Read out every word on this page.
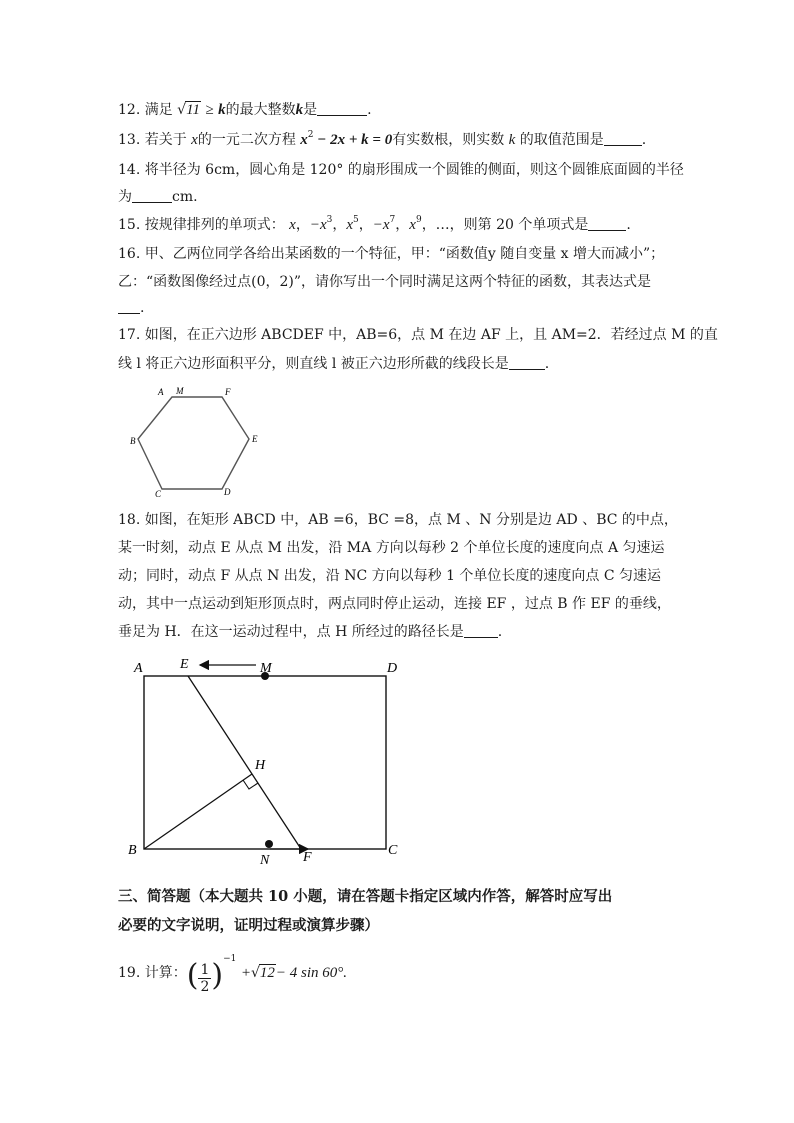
12. 满足 √11 ≥ k的最大整数k是	.
13. 若关于 x的一元二次方程 $x^2 - 2x + k = 0$有实数根，则实数 k 的取值范围是	.
14. 将半径为 6cm，圆心角是 120° 的扇形围成一个圆锥的侧面，则这个圆锥底面圆的半径
为	cm.
15. 按规律排列的单项式： x，$-x^3$，$x^5$，$-x^7$，$x^9$，…，则第 20 个单项式是	.
16. 甲、乙两位同学各给出某函数的一个特征，甲：“函数值y 随自变量 x 增大而减小”；
乙：“函数图像经过点(0，2)”，请你写出一个同时满足这两个特征的函数，其表达式是
.
17. 如图，在正六边形 ABCDEF 中，AB=6，点 M 在边 AF 上，且 AM=2．若经过点 M 的直
线 l 将正六边形面积平分，则直线 l 被正六边形所截的线段长是	.
A M	F
B	E
C	D
18. 如图，在矩形 ABCD 中，AB =6，BC =8，点 M 、N 分别是边 AD 、BC 的中点，
某一时刻，动点 E 从点 M 出发，沿 MA 方向以每秒 2 个单位长度的速度向点 A 匀速运
动；同时，动点 F 从点 N 出发，沿 NC 方向以每秒 1 个单位长度的速度向点 C 匀速运
动，其中一点运动到矩形顶点时，两点同时停止运动，连接 EF ，过点 B 作 EF 的垂线，
垂足为 H．在这一运动过程中，点 H 所经过的路径长是 .
A	E	M	D
H
B
N F	C
三、简答题（本大题共 10 小题，请在答题卡指定区域内作答，解答时应写出
必要的文字说明，证明过程或演算步骤）
19. 计算：( $\frac{1}{2})^{-1} +√12- 4$ sin 60°.
